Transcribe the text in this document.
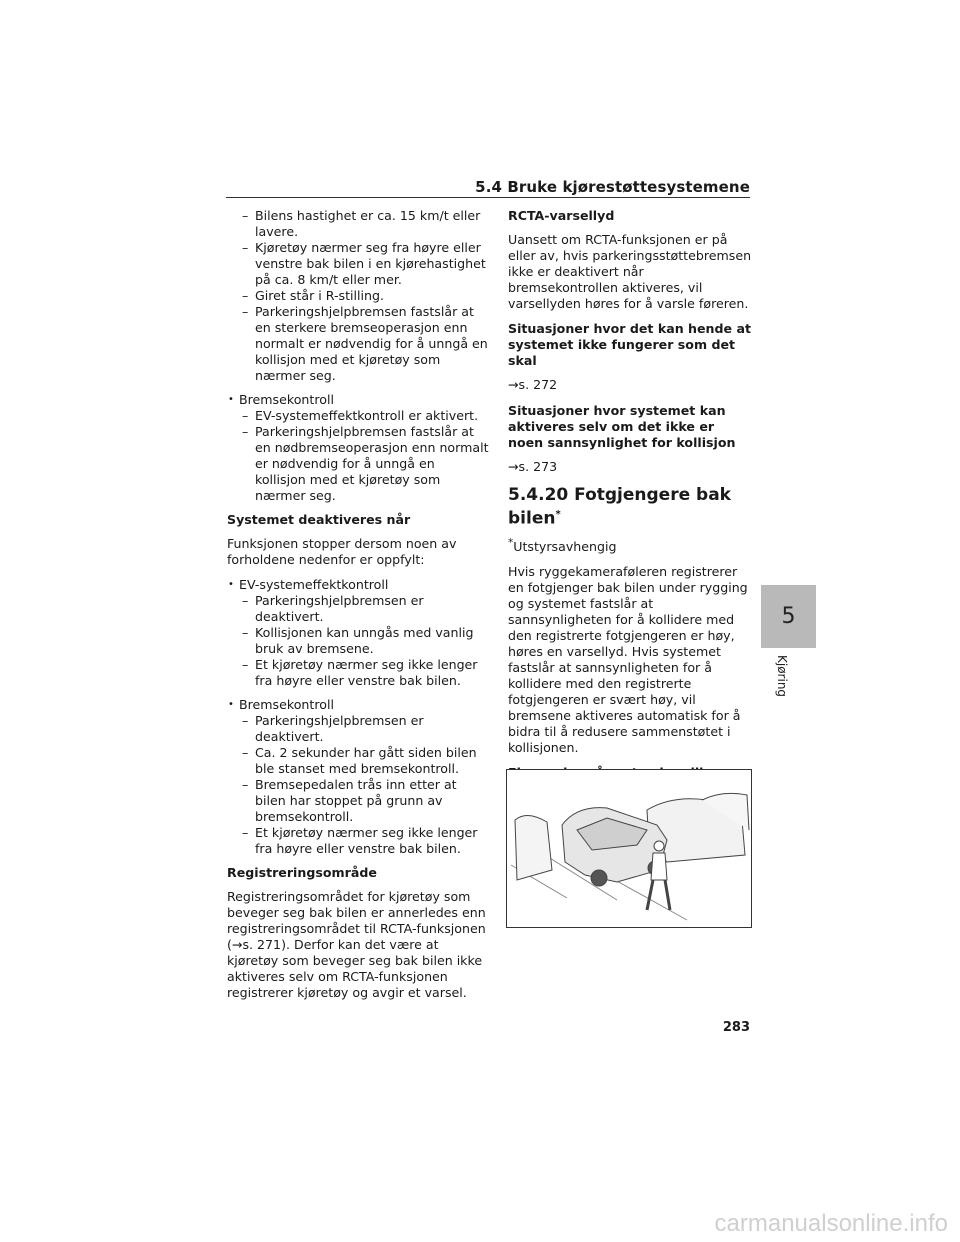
5.4 Bruke kjørestøttesystemene
– Bilens hastighet er ca. 15 km/t eller lavere.
– Kjøretøy nærmer seg fra høyre eller venstre bak bilen i en kjørehastighet på ca. 8 km/t eller mer.
– Giret står i R-stilling.
– Parkeringshjelpbremsen fastslår at en sterkere bremseoperasjon enn normalt er nødvendig for å unngå en kollisjon med et kjøretøy som nærmer seg.
• Bremsekontroll
– EV-systemeffektkontroll er aktivert.
– Parkeringshjelpbremsen fastslår at en nødbremseoperasjon enn normalt er nødvendig for å unngå en kollisjon med et kjøretøy som nærmer seg.
Systemet deaktiveres når
Funksjonen stopper dersom noen av forholdene nedenfor er oppfylt:
• EV-systemeffektkontroll
– Parkeringshjelpbremsen er deaktivert.
– Kollisjonen kan unngås med vanlig bruk av bremsene.
– Et kjøretøy nærmer seg ikke lenger fra høyre eller venstre bak bilen.
• Bremsekontroll
– Parkeringshjelpbremsen er deaktivert.
– Ca. 2 sekunder har gått siden bilen ble stanset med bremsekontroll.
– Bremsepedalen trås inn etter at bilen har stoppet på grunn av bremsekontroll.
– Et kjøretøy nærmer seg ikke lenger fra høyre eller venstre bak bilen.
Registreringsområde
Registreringsområdet for kjøretøy som beveger seg bak bilen er annerledes enn registreringsområdet til RCTA-funksjonen (→s. 271). Derfor kan det være at kjøretøy som beveger seg bak bilen ikke aktiveres selv om RCTA-funksjonen registrerer kjøretøy og avgir et varsel.
RCTA-varsellyd
Uansett om RCTA-funksjonen er på eller av, hvis parkeringsstøttebremsen ikke er deaktivert når bremsekontrollen aktiveres, vil varsellyden høres for å varsle føreren.
Situasjoner hvor det kan hende at systemet ikke fungerer som det skal
→s. 272
Situasjoner hvor systemet kan aktiveres selv om det ikke er noen sannsynlighet for kollisjon
→s. 273
5.4.20 Fotgjengere bak bilen*
*Utstyrsavhengig
Hvis ryggekamerafølеren registrerer en fotgjenger bak bilen under rygging og systemet fastslår at sannsynligheten for å kollidere med den registrerte fotgjengeren er høy, høres en varsellyd. Hvis systemet fastslår at sannsynligheten for å kollidere med den registrerte fotgjengeren er svært høy, vil bremsene aktiveres automatisk for å bidra til å redusere sammenstøtet i kollisjonen.
5
Kjøring
283
carmanualsonline.info
